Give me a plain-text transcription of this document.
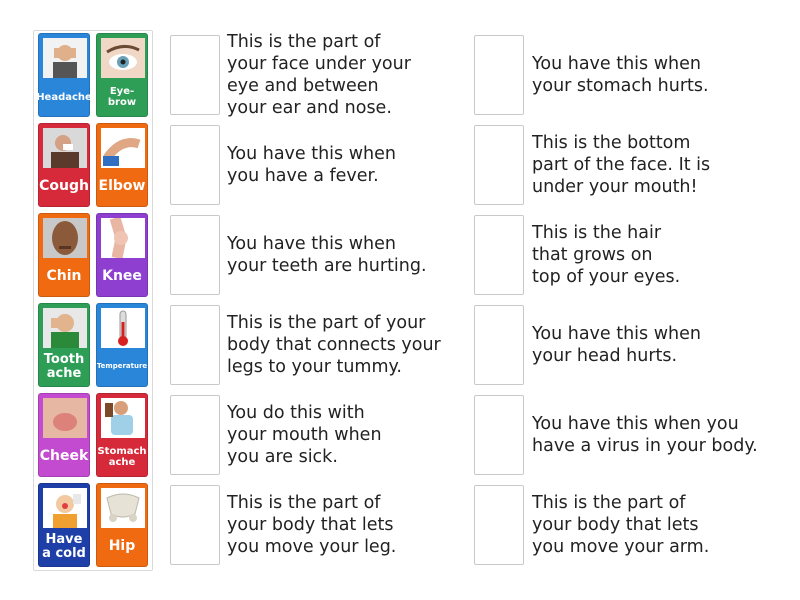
Headache	Eye-brow
Cough Elbow
Chin	Knee
Tooth ache	Temperature
Cheek Stomach ache
Have a cold	Hip
This is the part of
your face under your
eye and between
your ear and nose.
You have this when
you have a fever.
You have this when
your teeth are hurting.
This is the part of your
body that connects your
legs to your tummy.
You do this with
your mouth when
you are sick.
This is the part of
your body that lets
you move your leg.
You have this when
your stomach hurts.
This is the bottom
part of the face. It is
under your mouth!
This is the hair
that grows on
top of your eyes.
You have this when
your head hurts.
You have this when you
have a virus in your body.
This is the part of
your body that lets
you move your arm.
